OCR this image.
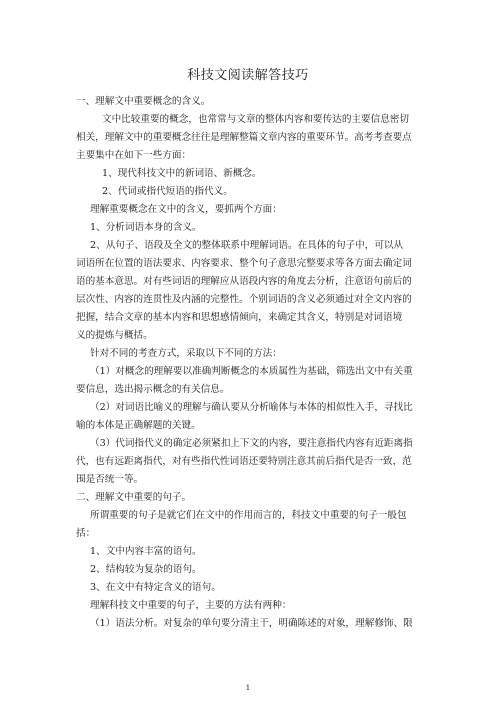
科技文阅读解答技巧
一、理解文中重要概念的含义。
文中比较重要的概念，也常常与文章的整体内容和要传达的主要信息密切
相关，理解文中的重要概念往往是理解整篇文章内容的重要环节。高考考查要点
主要集中在如下一些方面：
1、现代科技文中的新词语、新概念。
2、代词或指代短语的指代义。
理解重要概念在文中的含义，要抓两个方面：
1、分析词语本身的含义。
2、从句子、语段及全文的整体联系中理解词语。在具体的句子中，可以从
词语所在位置的语法要求、内容要求、整个句子意思完整要求等各方面去确定词
语的基本意思。对有些词语的理解应从语段内容的角度去分析，注意语句前后的
层次性、内容的连贯性及内涵的完整性。个别词语的含义必须通过对全文内容的
把握，结合文章的基本内容和思想感情倾向，来确定其含义，特别是对词语境
义的提炼与概括。
针对不同的考查方式，采取以下不同的方法：
（1）对概念的理解要以准确判断概念的本质属性为基础，筛选出文中有关重
要信息，选出揭示概念的有关信息。
（2）对词语比喻义的理解与确认要从分析喻体与本体的相似性入手，寻找比
喻的本体是正确解题的关键。
（3）代词指代义的确定必须紧扣上下文的内容，要注意指代内容有近距离指
代，也有远距离指代，对有些指代性词语还要特别注意其前后指代是否一致，范
围是否统一等。
二、理解文中重要的句子。
所谓重要的句子是就它们在文中的作用而言的，科技文中重要的句子一般包
括：
1、文中内容丰富的语句。
2、结构较为复杂的语句。
3、在文中有特定含义的语句。
理解科技文中重要的句子，主要的方法有两种：
（1）语法分析。对复杂的单句要分清主干，明确陈述的对象，理解修饰、限
1
